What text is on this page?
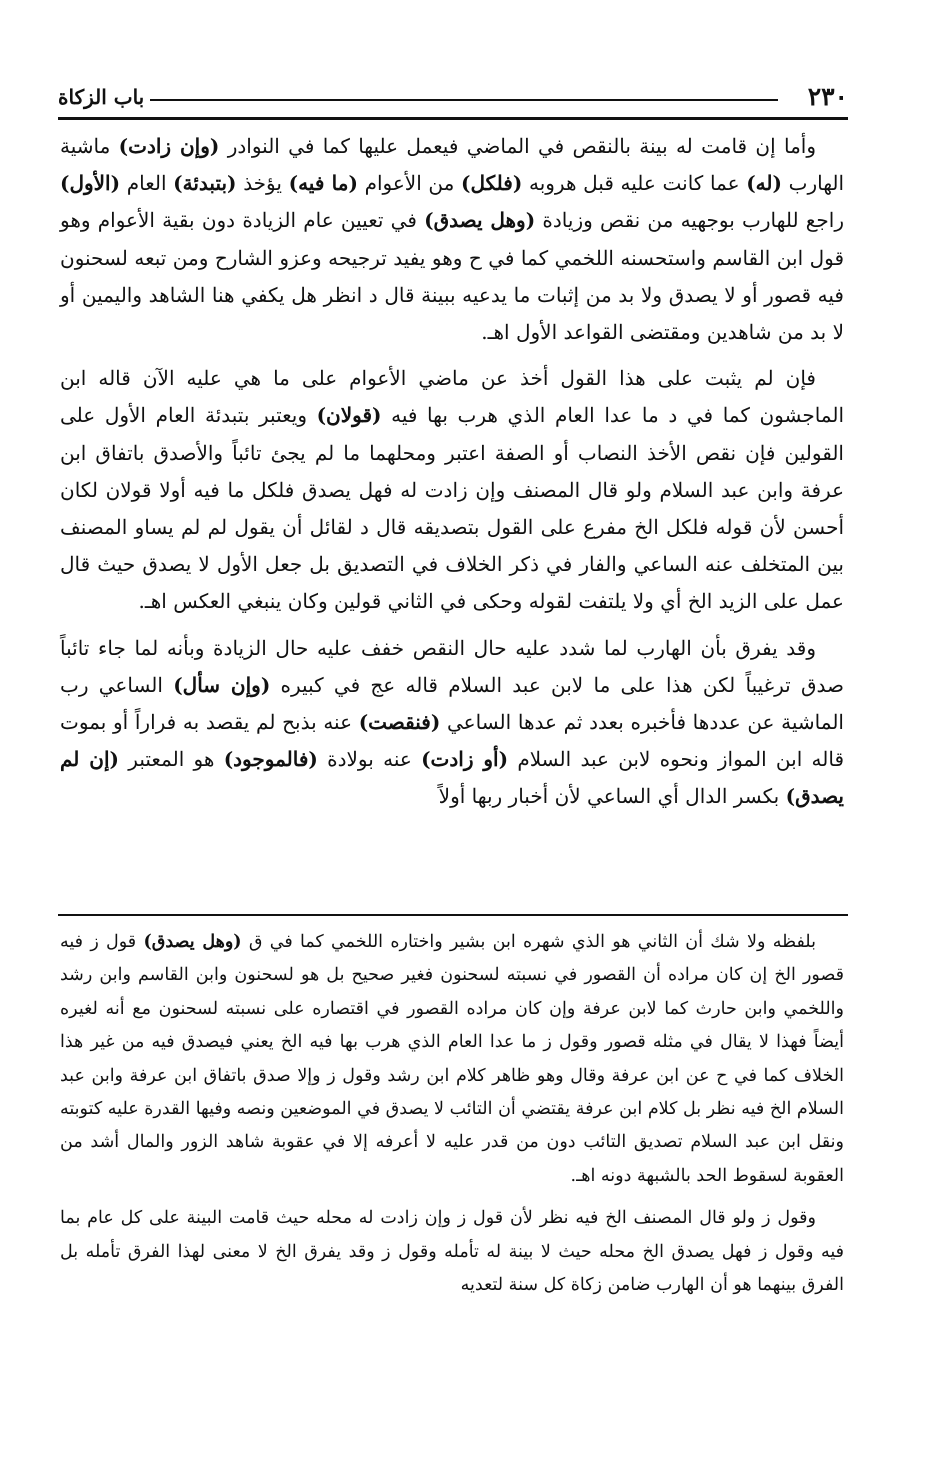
٢٣٠
باب الزكاة

وأما إن قامت له بينة بالنقص في الماضي فيعمل عليها كما في النوادر (وإن زادت) ماشية الهارب (له) عما كانت عليه قبل هروبه (فلكل) من الأعوام (ما فيه) يؤخذ (بتبدئة) العام (الأول) راجع للهارب بوجهيه من نقص وزيادة (وهل يصدق) في تعيين عام الزيادة دون بقية الأعوام وهو قول ابن القاسم واستحسنه اللخمي كما في ح وهو يفيد ترجيحه وعزو الشارح ومن تبعه لسحنون فيه قصور أو لا يصدق ولا بد من إثبات ما يدعيه ببينة قال د انظر هل يكفي هنا الشاهد واليمين أو لا بد من شاهدين ومقتضى القواعد الأول اهـ.

فإن لم يثبت على هذا القول أخذ عن ماضي الأعوام على ما هي عليه الآن قاله ابن الماجشون كما في د ما عدا العام الذي هرب بها فيه (قولان) ويعتبر بتبدئة العام الأول على القولين فإن نقص الأخذ النصاب أو الصفة اعتبر ومحلهما ما لم يجئ تائباً والأصدق باتفاق ابن عرفة وابن عبد السلام ولو قال المصنف وإن زادت له فهل يصدق فلكل ما فيه أولا قولان لكان أحسن لأن قوله فلكل الخ مفرع على القول بتصديقه قال د لقائل أن يقول لم لم يساو المصنف بين المتخلف عنه الساعي والفار في ذكر الخلاف في التصديق بل جعل الأول لا يصدق حيث قال عمل على الزيد الخ أي ولا يلتفت لقوله وحكى في الثاني قولين وكان ينبغي العكس اهـ.

وقد يفرق بأن الهارب لما شدد عليه حال النقص خفف عليه حال الزيادة وبأنه لما جاء تائباً صدق ترغيباً لكن هذا على ما لابن عبد السلام قاله عج في كبيره (وإن سأل) الساعي رب الماشية عن عددها فأخبره بعدد ثم عدها الساعي (فنقصت) عنه بذبح لم يقصد به فراراً أو بموت قاله ابن المواز ونحوه لابن عبد السلام (أو زادت) عنه بولادة (فالموجود) هو المعتبر (إن لم يصدق) بكسر الدال أي الساعي لأن أخبار ربها أولاً

بلفظه ولا شك أن الثاني هو الذي شهره ابن بشير واختاره اللخمي كما في ق (وهل يصدق) قول ز فيه قصور الخ إن كان مراده أن القصور في نسبته لسحنون فغير صحيح بل هو لسحنون وابن القاسم وابن رشد واللخمي وابن حارث كما لابن عرفة وإن كان مراده القصور في اقتصاره على نسبته لسحنون مع أنه لغيره أيضاً فهذا لا يقال في مثله قصور وقول ز ما عدا العام الذي هرب بها فيه الخ يعني فيصدق فيه من غير هذا الخلاف كما في ح عن ابن عرفة وقال وهو ظاهر كلام ابن رشد وقول ز وإلا صدق باتفاق ابن عرفة وابن عبد السلام الخ فيه نظر بل كلام ابن عرفة يقتضي أن التائب لا يصدق في الموضعين ونصه وفيها القدرة عليه كتوبته ونقل ابن عبد السلام تصديق التائب دون من قدر عليه لا أعرفه إلا في عقوبة شاهد الزور والمال أشد من العقوبة لسقوط الحد بالشبهة دونه اهـ.

وقول ز ولو قال المصنف الخ فيه نظر لأن قول ز وإن زادت له محله حيث قامت البينة على كل عام بما فيه وقول ز فهل يصدق الخ محله حيث لا بينة له تأمله وقول ز وقد يفرق الخ لا معنى لهذا الفرق تأمله بل الفرق بينهما هو أن الهارب ضامن زكاة كل سنة لتعديه
